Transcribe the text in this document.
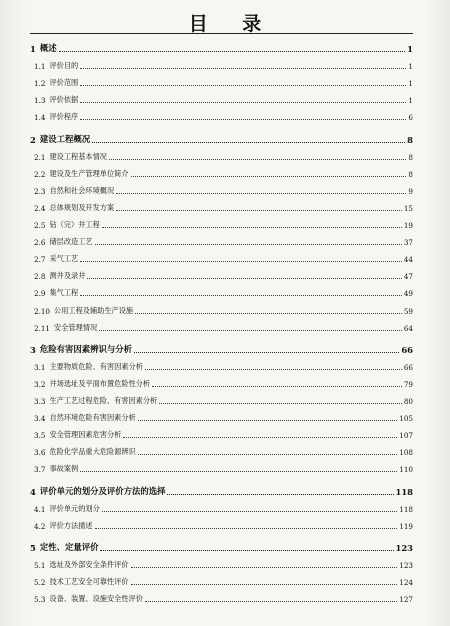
目 录
1 概述	1
1.1 评价目的	1
1.2 评价范围	1
1.3 评价依据	1
1.4 评价程序	6
2 建设工程概况	8
2.1 建设工程基本情况	8
2.2 建设及生产管理单位简介	8
2.3 自然和社会环境概况	9
2.4 总体规划及开发方案	15
2.5 钻（完）井工程	19
2.6 储层改造工艺	37
2.7 采气工艺	44
2.8 测井及录井	47
2.9 集气工程	49
2.10 公用工程及辅助生产设施	59
2.11 安全管理情况	64
3 危险有害因素辨识与分析	66
3.1 主要物质危险、有害因素分析	66
3.2 井场选址及平面布置危险性分析	79
3.3 生产工艺过程危险、有害因素分析	80
3.4 自然环境危险有害因素分析	105
3.5 安全管理因素危害分析	107
3.6 危险化学品重大危险源辨识	108
3.7 事故案例	110
4 评价单元的划分及评价方法的选择	118
4.1 评价单元的划分	118
4.2 评价方法描述	119
5 定性、定量评价	123
5.1 选址及外部安全条件评价	123
5.2 技术工艺安全可靠性评价	124
5.3 设备、装置、设施安全性评价	127
